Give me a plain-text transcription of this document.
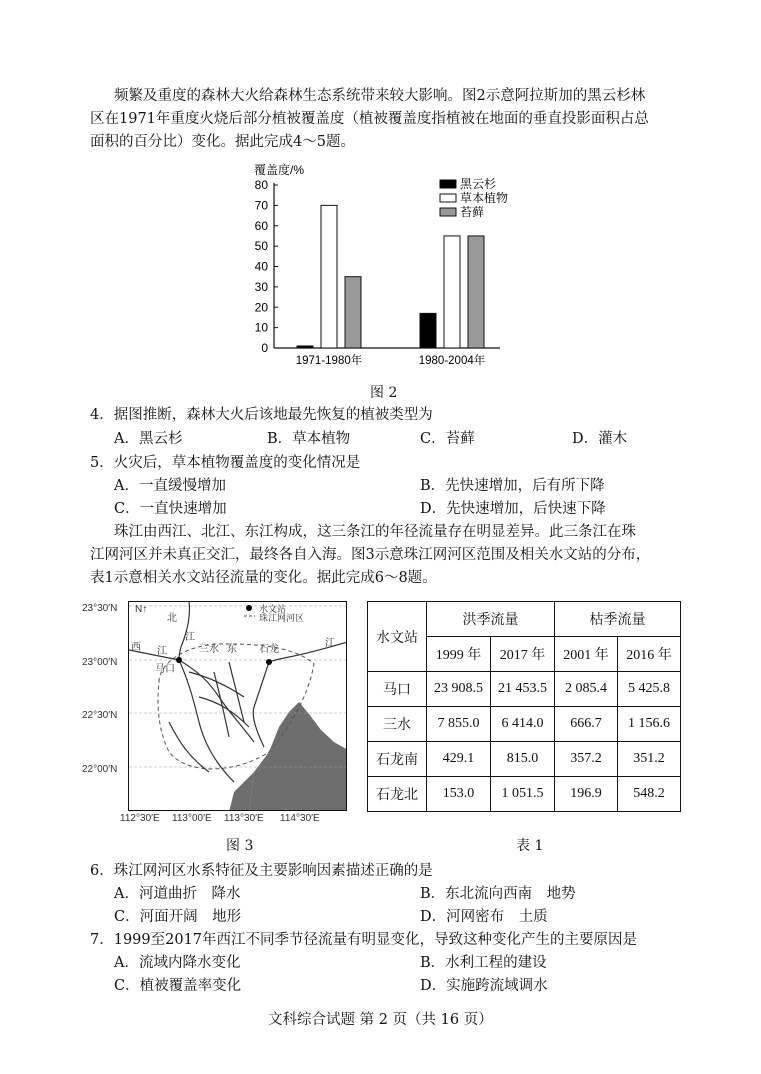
频繁及重度的森林大火给森林生态系统带来较大影响。图2示意阿拉斯加的黑云杉林
区在1971年重度火烧后部分植被覆盖度（植被覆盖度指植被在地面的垂直投影面积占总
面积的百分比）变化。据此完成4～5题。
覆盖度/%
0
10
20
30
40
50
60
70
80
1971-1980年	1980-2004年
黑云杉
草本植物
苔藓
图 2
4．据图推断，森林大火后该地最先恢复的植被类型为
A．黑云杉	B．草本植物	C．苔藓	D．灌木
5．火灾后，草本植物覆盖度的变化情况是
A．一直缓慢增加	B．先快速增加，后有所下降
C．一直快速增加	D．先快速增加，后快速下降
珠江由西江、北江、东江构成，这三条江的年径流量存在明显差异。此三条江在珠
江网河区并未真正交汇，最终各自入海。图3示意珠江网河区范围及相关水文站的分布，
表1示意相关水文站径流量的变化。据此完成6～8题。
23°30′N
23°00′N
22°30′N
22°00′N
112°30′E 113°00′E 113°30′E 114°30′E
N↑	水文站
珠江网河区
北
江
西 江	三水 东 石龙
江
马口
图 3
水文站	洪季流量		枯季流量	
	1999 年	2017 年	2001 年	2016 年
马口	23 908.5	21 453.5	2 085.4	5 425.8
三水	7 855.0	6 414.0	666.7	1 156.6
石龙南	429.1	815.0	357.2	351.2
石龙北	153.0	1 051.5	196.9	548.2
表 1
6．珠江网河区水系特征及主要影响因素描述正确的是
A．河道曲折　降水	B．东北流向西南　地势
C．河面开阔　地形	D．河网密布　土质
7．1999至2017年西江不同季节径流量有明显变化，导致这种变化产生的主要原因是
A．流域内降水变化	B．水利工程的建设
C．植被覆盖率变化	D．实施跨流域调水
文科综合试题 第 2 页（共 16 页）
